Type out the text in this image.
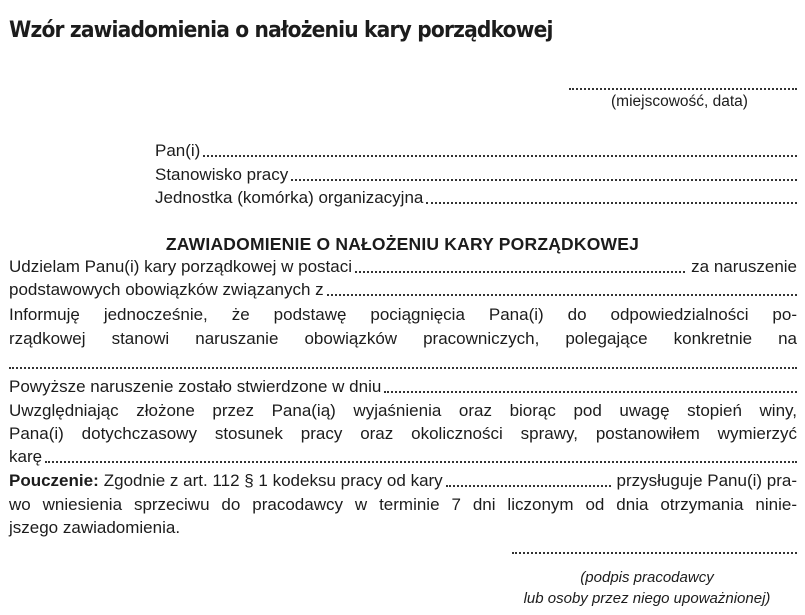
Wzór zawiadomienia o nałożeniu kary porządkowej
(miejscowość, data)
Pan(i)
Stanowisko pracy
Jednostka (komórka) organizacyjna
ZAWIADOMIENIE O NAŁOŻENIU KARY PORZĄDKOWEJ
Udzielam Panu(i) kary porządkowej w postaci	za naruszenie
podstawowych obowiązków związanych z
Informuję jednocześnie, że podstawę pociągnięcia Pana(i) do odpowiedzialności po-
rządkowej stanowi naruszanie obowiązków pracowniczych, polegające konkretnie na
Powyższe naruszenie zostało stwierdzone w dniu
Uwzględniając złożone przez Pana(ią) wyjaśnienia oraz biorąc pod uwagę stopień winy,
Pana(i) dotychczasowy stosunek pracy oraz okoliczności sprawy, postanowiłem wymierzyć
karę
Pouczenie: Zgodnie z art. 112 § 1 kodeksu pracy od kary	przysługuje Panu(i) pra-
wo wniesienia sprzeciwu do pracodawcy w terminie 7 dni liczonym od dnia otrzymania ninie-
jszego zawiadomienia.
(podpis pracodawcy
lub osoby przez niego upoważnionej)
